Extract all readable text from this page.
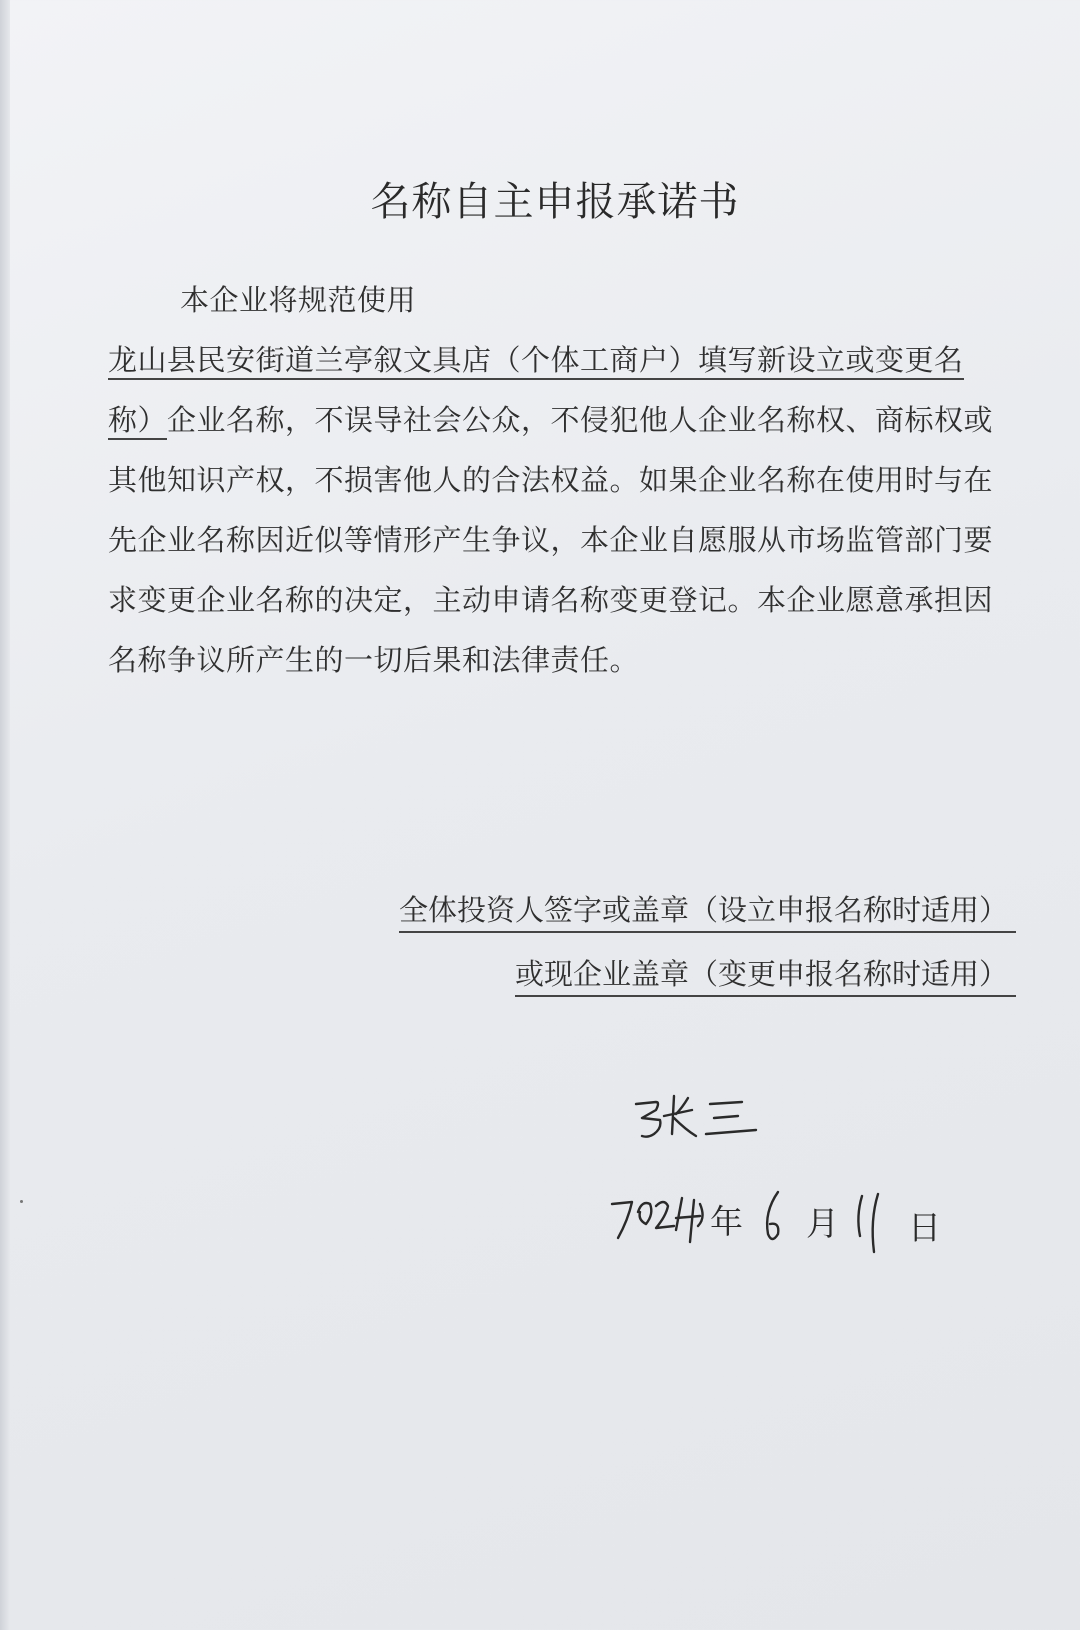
名称自主申报承诺书
本企业将规范使用 龙山县民安街道兰亭叙文具店（个体工商户）填写新设立或变更名称）企业名称，不误导社会公众，不侵犯他人企业名称权、商标权或其他知识产权，不损害他人的合法权益。如果企业名称在使用时与在先企业名称因近似等情形产生争议，本企业自愿服从市场监管部门要求变更企业名称的决定，主动申请名称变更登记。本企业愿意承担因名称争议所产生的一切后果和法律责任。
全体投资人签字或盖章（设立申报名称时适用）
或现企业盖章（变更申报名称时适用）
年 月 日
